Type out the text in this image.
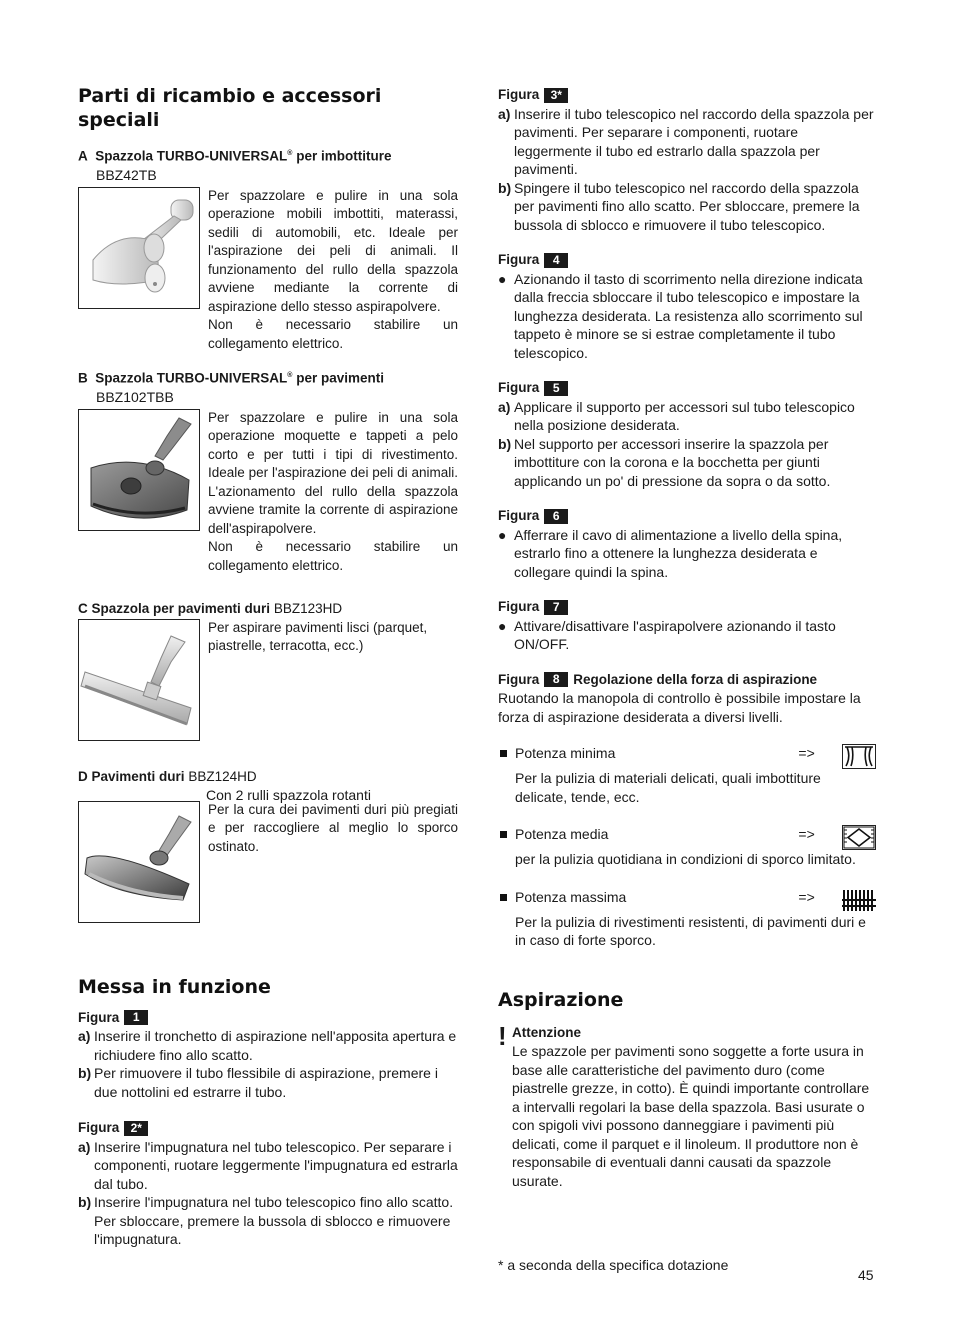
Parti di ricambio e accessori speciali
A Spazzola TURBO-UNIVERSAL® per imbottiture
BBZ42TB
Per spazzolare e pulire in una sola operazione mobili imbottiti, materassi, sedili di automobili, etc. Ideale per l'aspirazione dei peli di animali. Il funzionamento del rullo della spazzola avviene mediante la corrente di aspirazione dello stesso aspirapolvere.
Non è necessario stabilire un collegamento elettrico.
B Spazzola TURBO-UNIVERSAL® per pavimenti
BBZ102TBB
Per spazzolare e pulire in una sola operazione moquette e tappeti a pelo corto e per tutti i tipi di rivestimento. Ideale per l'aspirazione dei peli di animali. L'azionamento del rullo della spazzola avviene tramite la corrente di aspirazione dell'aspirapolvere.
Non è necessario stabilire un collegamento elettrico.
C Spazzola per pavimenti duri BBZ123HD
Per aspirare pavimenti lisci (parquet, piastrelle, terracotta, ecc.)
D Pavimenti duri BBZ124HD
Con 2 rulli spazzola rotanti
Per la cura dei pavimenti duri più pregiati e per raccogliere al meglio lo sporco ostinato.
Messa in funzione
Figura	1
a) Inserire il tronchetto di aspirazione nell'apposita apertura e richiudere fino allo scatto.
b) Per rimuovere il tubo flessibile di aspirazione, premere i due nottolini ed estrarre il tubo.
Figura 2*
a) Inserire l'impugnatura nel tubo telescopico. Per separare i componenti, ruotare leggermente l'impugnatura ed estrarla dal tubo.
b) Inserire l'impugnatura nel tubo telescopico fino allo scatto. Per sbloccare, premere la bussola di sblocco e rimuovere l'impugnatura.
Figura 3*
a) Inserire il tubo telescopico nel raccordo della spazzola per pavimenti. Per separare i componenti, ruotare leggermente il tubo ed estrarlo dalla spazzola per pavimenti.
b) Spingere il tubo telescopico nel raccordo della spazzola per pavimenti fino allo scatto. Per sbloccare, premere la bussola di sblocco e rimuovere il tubo telescopico.
Figura	4
● Azionando il tasto di scorrimento nella direzione indicata dalla freccia sbloccare il tubo telescopico e impostare la lunghezza desiderata. La resistenza allo scorrimento sul tappeto è minore se si estrae completamente il tubo telescopico.
Figura	5
a) Applicare il supporto per accessori sul tubo telescopico nella posizione desiderata.
b) Nel supporto per accessori inserire la spazzola per imbottiture con la corona e la bocchetta per giunti applicando un po' di pressione da sopra o da sotto.
Figura	6
● Afferrare il cavo di alimentazione a livello della spina, estrarlo fino a ottenere la lunghezza desiderata e collegare quindi la spina.
Figura	7
● Attivare/disattivare l'aspirapolvere azionando il tasto ON/OFF.
Figura	8	Regolazione della forza di aspirazione
Ruotando la manopola di controllo è possibile impostare la forza di aspirazione desiderata a diversi livelli.
Potenza minima	=>
Per la pulizia di materiali delicati, quali imbottiture delicate, tende, ecc.
Potenza media	=>
per la pulizia quotidiana in condizioni di sporco limitato.
Potenza massima	=>
Per la pulizia di rivestimenti resistenti, di pavimenti duri e in caso di forte sporco.
Aspirazione
! Attenzione
Le spazzole per pavimenti sono soggette a forte usura in base alle caratteristiche del pavimento duro (come piastrelle grezze, in cotto). È quindi importante controllare a intervalli regolari la base della spazzola. Basi usurate o con spigoli vivi possono danneggiare i pavimenti più delicati, come il parquet e il linoleum. Il produttore non è responsabile di eventuali danni causati da spazzole usurate.
* a seconda della specifica dotazione
45
